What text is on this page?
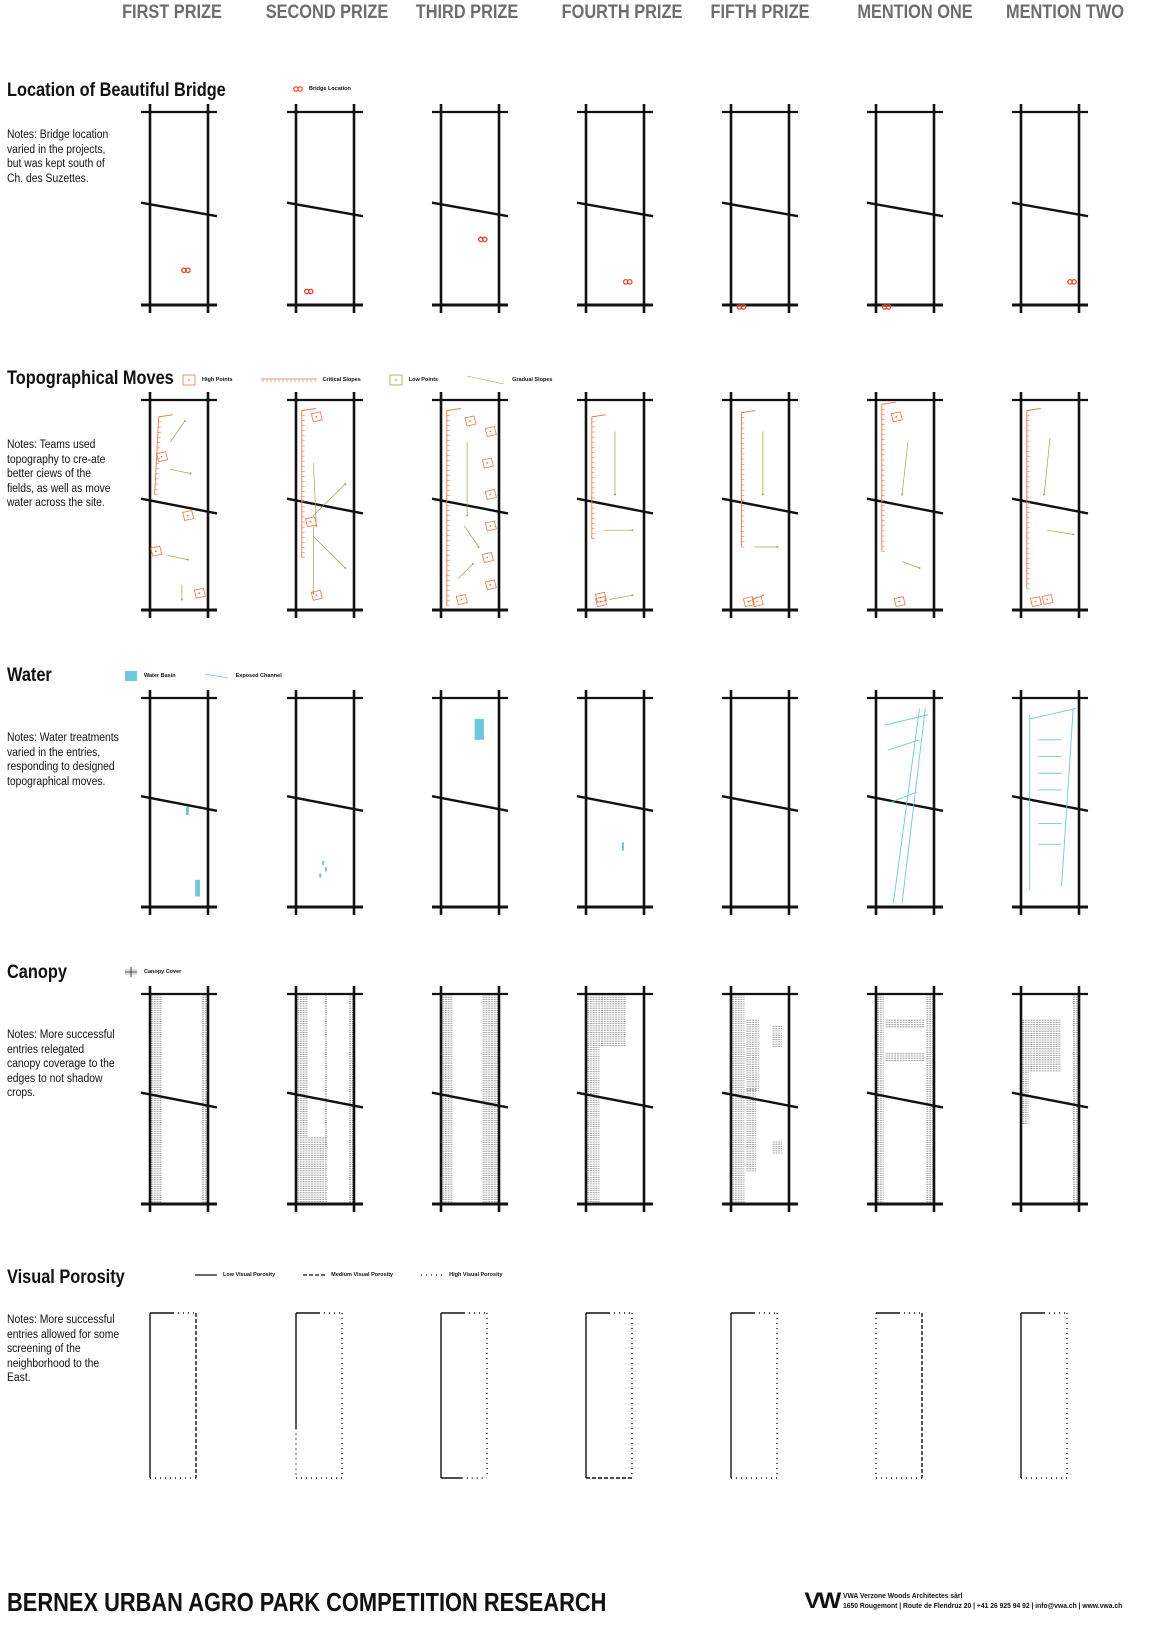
FIRST PRIZE	SECOND PRIZE	THIRD PRIZE	FOURTH PRIZE	FIFTH PRIZE	MENTION ONE	MENTION TWO
Location of Beautiful Bridge
Notes: Bridge location varied in the projects, but was kept south of Ch. des Suzettes.
Bridge Location
Topographical Moves
Notes: Teams used topography to cre-ate better ciews of the fields, as well as move water across the site.
High Points	Critical Slopes	Low Points	Gradual Slopes
Water
Notes: Water treatments varied in the entries, responding to designed topographical moves.
Water Basin	Exposed Channel
Canopy
Notes: More successful entries relegated canopy coverage to the edges to not shadow crops.
Canopy Cover
Visual Porosity
Notes: More successful entries allowed for some screening of the neighborhood to the East.
Low Visual Porosity	Medium Visual Porosity	High Visual Porosity
BERNEX URBAN AGRO PARK COMPETITION RESEARCH	VW VWA Verzone Woods Architectes sàrl
1650 Rougemont | Route de Flendruz 20 | +41 26 925 94 92 | info@vwa.ch | www.vwa.ch
